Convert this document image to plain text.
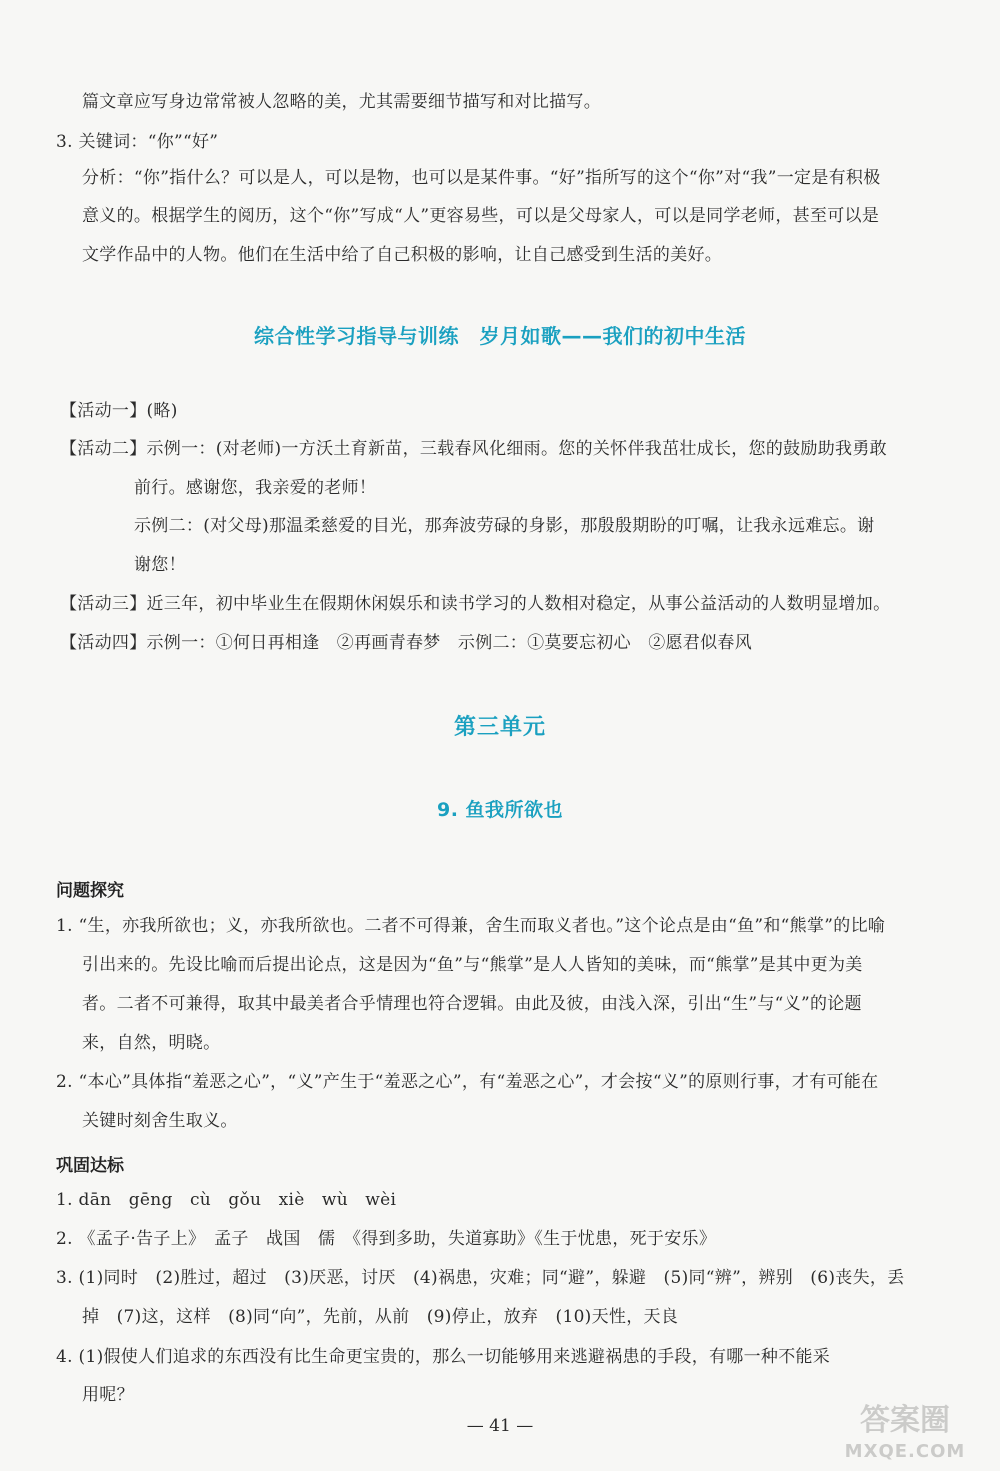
篇文章应写身边常常被人忽略的美，尤其需要细节描写和对比描写。
3. 关键词：“你”“好”
分析：“你”指什么？可以是人，可以是物，也可以是某件事。“好”指所写的这个“你”对“我”一定是有积极
意义的。根据学生的阅历，这个“你”写成“人”更容易些，可以是父母家人，可以是同学老师，甚至可以是
文学作品中的人物。他们在生活中给了自己积极的影响，让自己感受到生活的美好。
综合性学习指导与训练　岁月如歌——我们的初中生活
【活动一】(略)
【活动二】示例一：(对老师)一方沃土育新苗，三载春风化细雨。您的关怀伴我茁壮成长，您的鼓励助我勇敢
前行。感谢您，我亲爱的老师！
示例二：(对父母)那温柔慈爱的目光，那奔波劳碌的身影，那殷殷期盼的叮嘱，让我永远难忘。谢
谢您！
【活动三】近三年，初中毕业生在假期休闲娱乐和读书学习的人数相对稳定，从事公益活动的人数明显增加。
【活动四】示例一：①何日再相逢　②再画青春梦　示例二：①莫要忘初心　②愿君似春风
第三单元
9. 鱼我所欲也
问题探究
1. “生，亦我所欲也；义，亦我所欲也。二者不可得兼，舍生而取义者也。”这个论点是由“鱼”和“熊掌”的比喻
引出来的。先设比喻而后提出论点，这是因为“鱼”与“熊掌”是人人皆知的美味，而“熊掌”是其中更为美
者。二者不可兼得，取其中最美者合乎情理也符合逻辑。由此及彼，由浅入深，引出“生”与“义”的论题
来，自然，明晓。
2. “本心”具体指“羞恶之心”，“义”产生于“羞恶之心”，有“羞恶之心”，才会按“义”的原则行事，才有可能在
关键时刻舍生取义。
巩固达标
1. dān　gēng　cù　gǒu　xiè　wù　wèi
2. 《孟子·告子上》　孟子　战国　儒　《得到多助，失道寡助》《生于忧患，死于安乐》
3. (1)同时　(2)胜过，超过　(3)厌恶，讨厌　(4)祸患，灾难；同“避”，躲避　(5)同“辨”，辨别　(6)丧失，丢
掉　(7)这，这样　(8)同“向”，先前，从前　(9)停止，放弃　(10)天性，天良
4. (1)假使人们追求的东西没有比生命更宝贵的，那么一切能够用来逃避祸患的手段，有哪一种不能采
用呢？
— 41 —	答案圈
MXQE.COM
